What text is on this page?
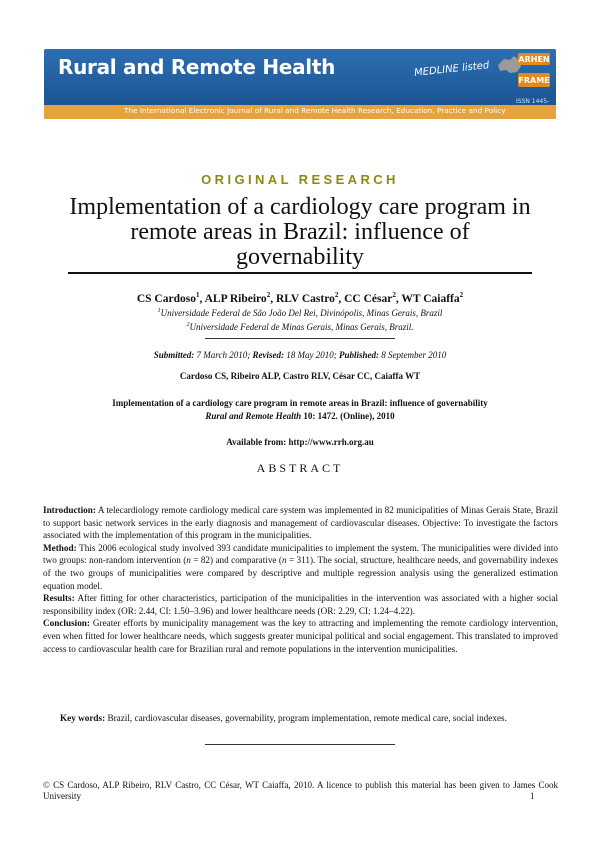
Rural and Remote Health	MEDLINE listed
ARHEN
FRAME
ISSN 1445-
The International Electronic Journal of Rural and Remote Health Research, Education, Practice and Policy
ORIGINAL RESEARCH
Implementation of a cardiology care program in
remote areas in Brazil: influence of
governability
CS Cardoso$^1$, ALP Ribeiro$^2$, RLV Castro$^2$, CC César$^2$, WT Caiaffa$^2$
$^1$Universidade Federal de São João Del Rei, Divinópolis, Minas Gerais, Brazil
$^2$Universidade Federal de Minas Gerais, Minas Gerais, Brazil.
Submitted: 7 March 2010; Revised: 18 May 2010; Published: 8 September 2010
Cardoso CS, Ribeiro ALP, Castro RLV, César CC, Caiaffa WT
Implementation of a cardiology care program in remote areas in Brazil: influence of governability
Rural and Remote Health 10: 1472. (Online), 2010
Available from: http://www.rrh.org.au
ABSTRACT

Introduction: A telecardiology remote cardiology medical care system was implemented in 82 municipalities of Minas Gerais State, Brazil to support basic network services in the early diagnosis and management of cardiovascular diseases. Objective: To investigate the factors associated with the implementation of this program in the municipalities.

Method: This 2006 ecological study involved 393 candidate municipalities to implement the system. The municipalities were divided into two groups: non-random intervention (n = 82) and comparative (n = 311). The social, structure, healthcare needs, and governability indexes of the two groups of municipalities were compared by descriptive and multiple regression analysis using the generalized estimation equation model.

Results: After fitting for other characteristics, participation of the municipalities in the intervention was associated with a higher social responsibility index (OR: 2.44, CI: 1.50–3.96) and lower healthcare needs (OR: 2.29, CI: 1.24–4.22).

Conclusion: Greater efforts by municipality management was the key to attracting and implementing the remote cardiology intervention, even when fitted for lower healthcare needs, which suggests greater municipal political and social engagement. This translated to improved access to cardiovascular health care for Brazilian rural and remote populations in the intervention municipalities.

Key words: Brazil, cardiovascular diseases, governability, program implementation, remote medical care, social indexes.
© CS Cardoso, ALP Ribeiro, RLV Castro, CC César, WT Caiaffa, 2010. A licence to publish this material has been given to James Cook University	1
